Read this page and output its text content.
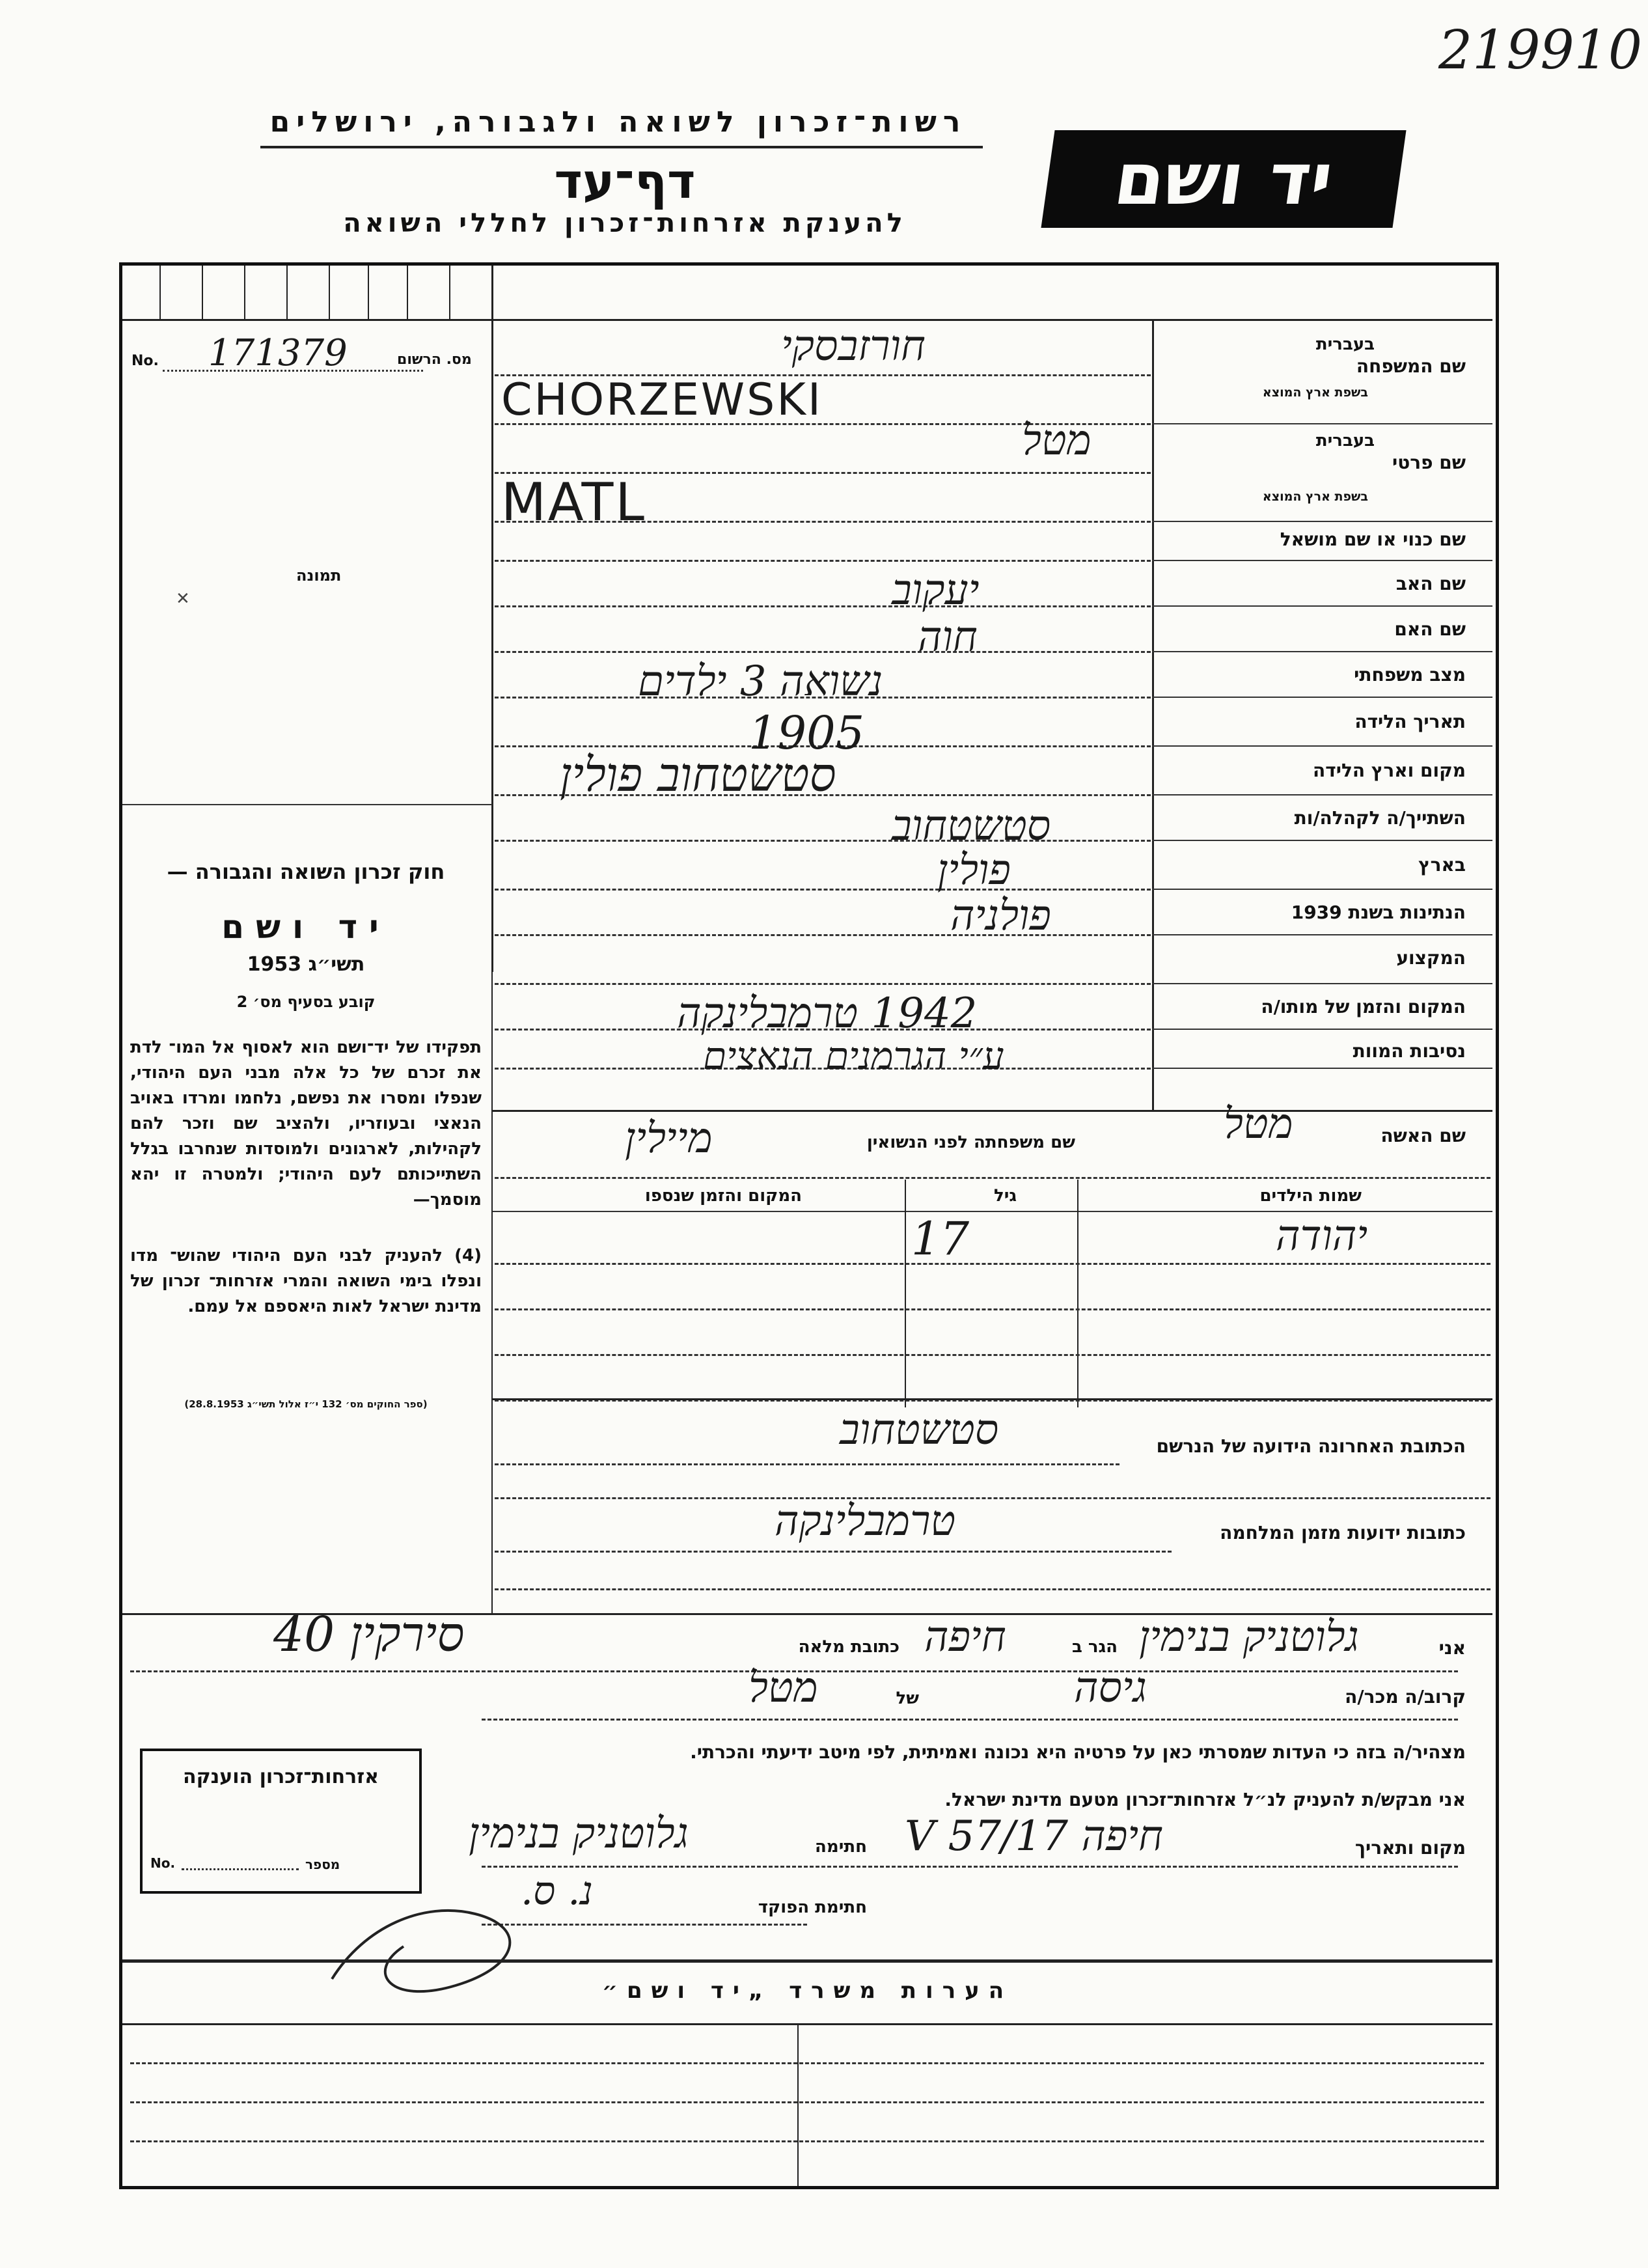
219910
רשות־זכרון לשואה ולגבורה, ירושלים
דף־עד
להענקת אזרחות־זכרון לחללי השואה
יד ושם
No. 171379	מס. הרשום
תמונה
✕
שם המשפחה
בעברית
בשפת ארץ המוצא
שם פרטי
בעברית
בשפת ארץ המוצא
שם כנוי או שם מושאל
שם האב
שם האם
מצב משפחתי
תאריך הלידה
מקום וארץ הלידה
השתייך/ה לקהלה/ות
בארץ
הנתינות בשנת 1939
המקצוע
המקום והזמן של מותו/ה
נסיבות המוות
חורזבסקי
CHORZEWSKI
מטל
MATL
יעקוב
חוה
נשואה 3 ילדים
1905
סטשטחוב פולין
סטשטחוב
פולין
פולניה
1942 טרמבלינקה
ע״י הגרמנים הנאצים
שם האשה
מטל
שם משפחתה לפני הנשואין
מיילין
שמות הילדים
גיל
המקום והזמן שנספו
יהודה
17
הכתובת האחרונה הידועה של הנרשם
סטשטחוב
כתובות ידועות מזמן המלחמה
טרמבלינקה
חוק זכרון השואה והגבורה —
יד ושם
תשי״ג 1953
קובע בסעיף מס׳ 2
תפקידו של יד־ושם הוא לאסוף אל המו־ לדת את זכרם של כל אלה מבני העם היהודי, שנפלו ומסרו את נפשם, נלחמו ומרדו באויב הנאצי ובעוזריו, ולהציב שם וזכר להם לקהילות, לארגונים ולמוסדות שנחרבו בגלל השתייכותם לעם היהודי; ולמטרה זו יהא מוסמך—
(4) להעניק לבני העם היהודי שהוש־ מדו ונפלו בימי השואה והמרי אזרחות־ זכרון של מדינת ישראל לאות היאספם אל עמם.
(ספר החוקים מס׳ 132 י״ז אלול תשי״ג 28.8.1953)
אני
גלוטניק בנימין
הגר ב
חיפה
כתובת מלאה
סירקין 40
קרוב/ה מכר/ה
גיסה
של
מטל
מצהיר/ה בזה כי העדות שמסרתי כאן על פרטיה היא נכונה ואמיתית, לפי מיטב ידיעתי והכרתי.
אני מבקש/ת להעניק לנ״ל אזרחות־זכרון מטעם מדינת ישראל.
מקום ותאריך
חיפה 17/V 57
חתימה
גלוטניק בנימין
חתימת הפוקד
נ. ס.
אזרחות־זכרון הוענקה
No.	מספר
הערות משרד „יד ושם״
